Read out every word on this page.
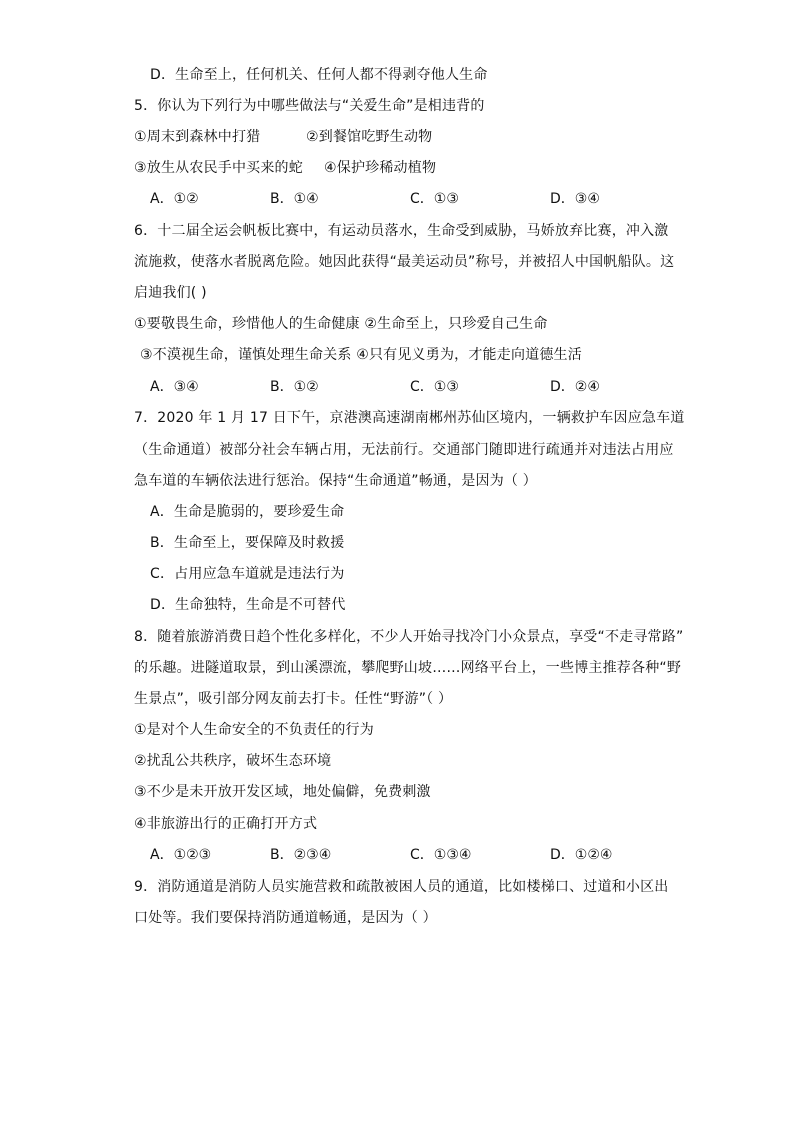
D．生命至上，任何机关、任何人都不得剥夺他人生命
5．你认为下列行为中哪些做法与“关爱生命”是相违背的
①周末到森林中打猎	②到餐馆吃野生动物
③放生从农民手中买来的蛇 ④保护珍稀动植物
A．①②	B．①④	C．①③	D．③④
6．十二届全运会帆板比赛中，有运动员落水，生命受到威胁，马娇放弃比赛，冲入激
流施救，使落水者脱离危险。她因此获得“最美运动员”称号，并被招人中国帆船队。这
启迪我们( )
①要敬畏生命，珍惜他人的生命健康 ②生命至上，只珍爱自己生命
③不漠视生命，谨慎处理生命关系 ④只有见义勇为，才能走向道德生活
A．③④	B．①②	C．①③	D．②④
7．2020 年 1 月 17 日下午，京港澳高速湖南郴州苏仙区境内，一辆救护车因应急车道
（生命通道）被部分社会车辆占用，无法前行。交通部门随即进行疏通并对违法占用应
急车道的车辆依法进行惩治。保持“生命通道”畅通，是因为（ ）
A．生命是脆弱的，要珍爱生命
B．生命至上，要保障及时救援
C．占用应急车道就是违法行为
D．生命独特，生命是不可替代
8．随着旅游消费日趋个性化多样化，不少人开始寻找冷门小众景点，享受“不走寻常路”
的乐趣。进隧道取景，到山溪漂流，攀爬野山坡……网络平台上，一些博主推荐各种“野
生景点”，吸引部分网友前去打卡。任性“野游”（ ）
①是对个人生命安全的不负责任的行为
②扰乱公共秩序，破坏生态环境
③不少是未开放开发区域，地处偏僻，免费刺激
④非旅游出行的正确打开方式
A．①②③	B．②③④	C．①③④	D．①②④
9．消防通道是消防人员实施营救和疏散被困人员的通道，比如楼梯口、过道和小区出
口处等。我们要保持消防通道畅通，是因为（ ）
